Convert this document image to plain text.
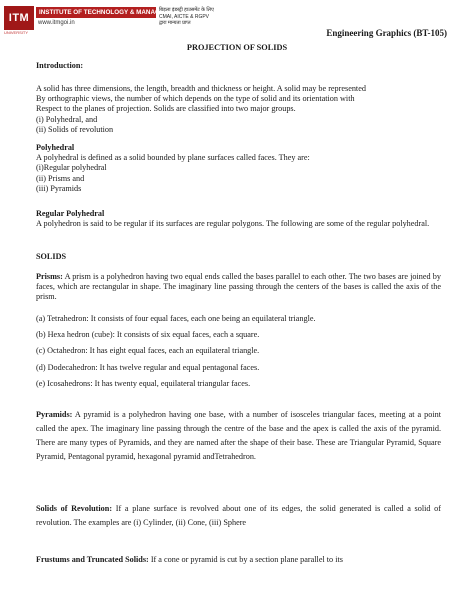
ITM
UNIVERSITY
INSTITUTE OF TECHNOLOGY & MANAGEMENT
www.itmgoi.in
बिड़ला इंडस्ट्री हाउसमेंट के लिए
CMAI, AICTE & RGPV
द्वारा मान्यता प्राप्त
Engineering Graphics (BT-105)
PROJECTION OF SOLIDS

Introduction:

A solid has three dimensions, the length, breadth and thickness or height. A solid may be represented

By orthographic views, the number of which depends on the type of solid and its orientation with

Respect to the planes of projection. Solids are classified into two major groups.

(i) Polyhedral, and

(ii) Solids of revolution

Polyhedral

A polyhedral is defined as a solid bounded by plane surfaces called faces. They are:

(i)Regular polyhedral

(ii) Prisms and

(iii) Pyramids

Regular Polyhedral

A polyhedron is said to be regular if its surfaces are regular polygons. The following are some of the regular polyhedral.

SOLIDS

Prisms: A prism is a polyhedron having two equal ends called the bases parallel to each other. The two bases are joined by faces, which are rectangular in shape. The imaginary line passing through the centers of the bases is called the axis of the prism.

(a) Tetrahedron: It consists of four equal faces, each one being an equilateral triangle.

(b) Hexa hedron (cube): It consists of six equal faces, each a square.

(c) Octahedron: It has eight equal faces, each an equilateral triangle.

(d) Dodecahedron: It has twelve regular and equal pentagonal faces.

(e) Icosahedrons: It has twenty equal, equilateral triangular faces.

Pyramids: A pyramid is a polyhedron having one base, with a number of isosceles triangular faces, meeting at a point called the apex. The imaginary line passing through the centre of the base and the apex is called the axis of the pyramid. There are many types of Pyramids, and they are named after the shape of their base. These are Triangular Pyramid, Square Pyramid, Pentagonal pyramid, hexagonal pyramid andTetrahedron.

Solids of Revolution: If a plane surface is revolved about one of its edges, the solid generated is called a solid of revolution. The examples are (i) Cylinder, (ii) Cone, (iii) Sphere

Frustums and Truncated Solids: If a cone or pyramid is cut by a section plane parallel to its
